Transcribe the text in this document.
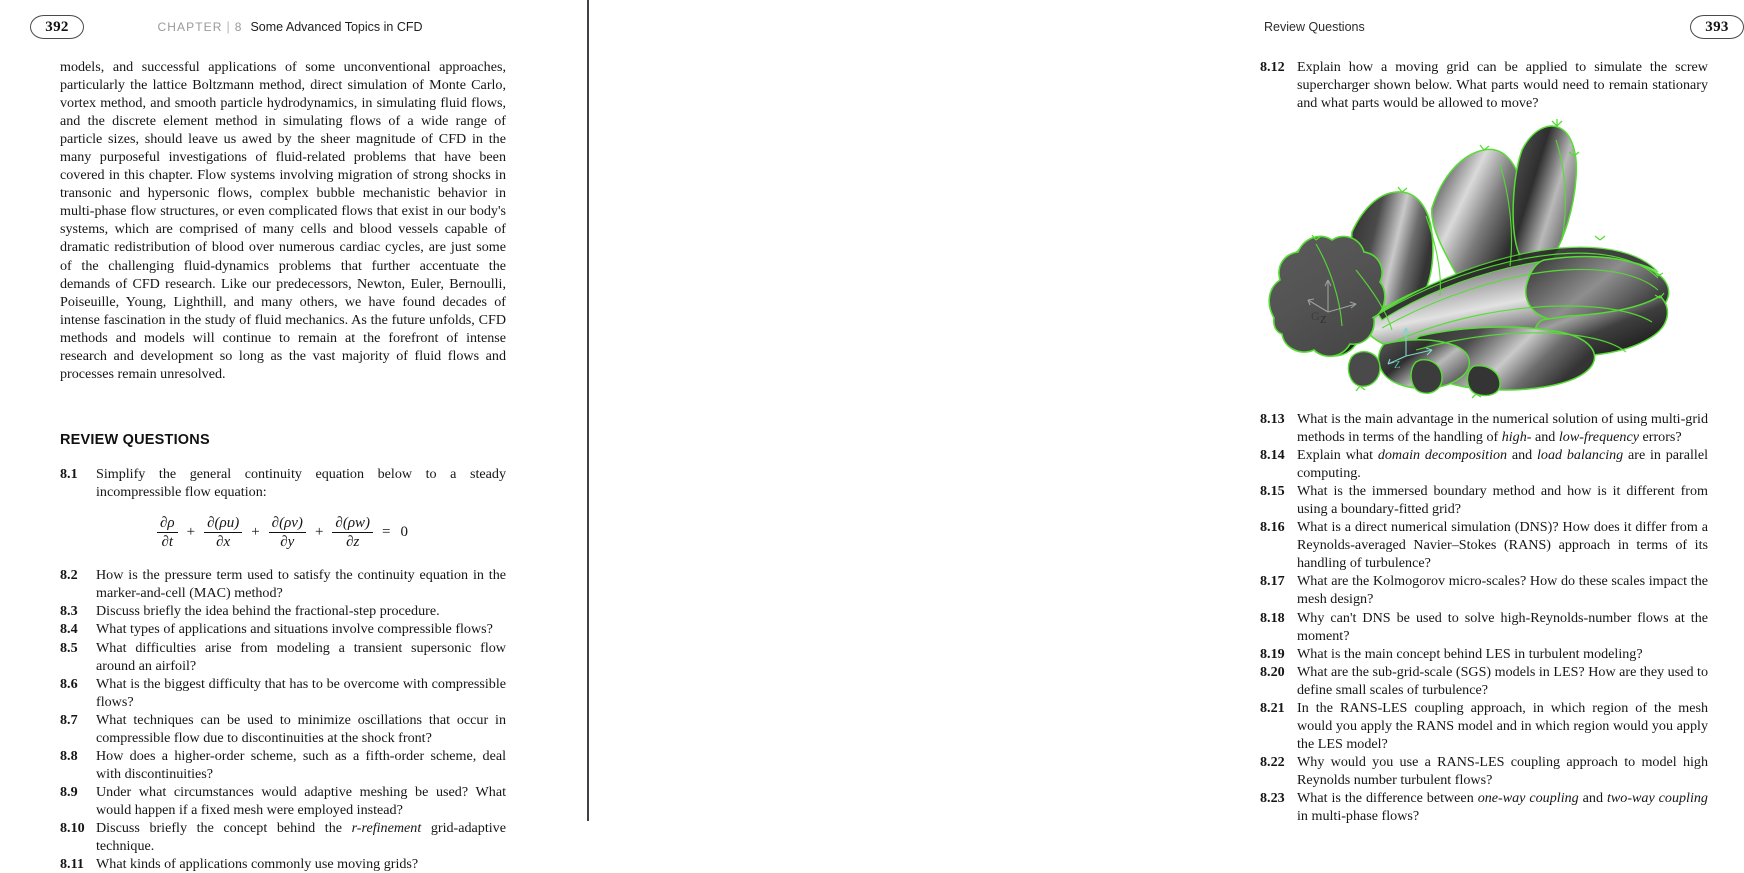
392	CHAPTER | 8 Some Advanced Topics in CFD

models, and successful applications of some unconventional approaches, particularly the lattice Boltzmann method, direct simulation of Monte Carlo, vortex method, and smooth particle hydrodynamics, in simulating fluid flows, and the discrete element method in simulating flows of a wide range of particle sizes, should leave us awed by the sheer magnitude of CFD in the many purposeful investigations of fluid-related problems that have been covered in this chapter. Flow systems involving migration of strong shocks in transonic and hypersonic flows, complex bubble mechanistic behavior in multi-phase flow structures, or even complicated flows that exist in our body's systems, which are comprised of many cells and blood vessels capable of dramatic redistribution of blood over numerous cardiac cycles, are just some of the challenging fluid-dynamics problems that further accentuate the demands of CFD research. Like our predecessors, Newton, Euler, Bernoulli, Poiseuille, Young, Lighthill, and many others, we have found decades of intense fascination in the study of fluid mechanics. As the future unfolds, CFD methods and models will continue to remain at the forefront of intense research and development so long as the vast majority of fluid flows and processes remain unresolved.

REVIEW QUESTIONS
8.1	Simplify the general continuity equation below to a steady incompressible flow equation:
$\frac{\partial\rho}{\partial t} + \frac{\partial(\rho u)}{\partial x} + \frac{\partial(\rho v)}{\partial y} + \frac{\partial(\rho w)}{\partial z} = 0$
8.2	How is the pressure term used to satisfy the continuity equation in the marker-and-cell (MAC) method?
8.3	Discuss briefly the idea behind the fractional-step procedure.
8.4	What types of applications and situations involve compressible flows?
8.5	What difficulties arise from modeling a transient supersonic flow around an airfoil?
8.6	What is the biggest difficulty that has to be overcome with compressible flows?
8.7	What techniques can be used to minimize oscillations that occur in compressible flow due to discontinuities at the shock front?
8.8	How does a higher-order scheme, such as a fifth-order scheme, deal with discontinuities?
8.9	Under what circumstances would adaptive meshing be used? What would happen if a fixed mesh were employed instead?
8.10 Discuss briefly the concept behind the r-refinement grid-adaptive technique.
8.11 What kinds of applications commonly use moving grids?
Review Questions	393
8.12 Explain how a moving grid can be applied to simulate the screw supercharger shown below. What parts would need to remain stationary and what parts would be allowed to move?
G Z
Z
8.13 What is the main advantage in the numerical solution of using multi-grid methods in terms of the handling of high- and low-frequency errors?
8.14 Explain what domain decomposition and load balancing are in parallel computing.
8.15 What is the immersed boundary method and how is it different from using a boundary-fitted grid?
8.16 What is a direct numerical simulation (DNS)? How does it differ from a Reynolds-averaged Navier–Stokes (RANS) approach in terms of its handling of turbulence?
8.17 What are the Kolmogorov micro-scales? How do these scales impact the mesh design?
8.18 Why can't DNS be used to solve high-Reynolds-number flows at the moment?
8.19 What is the main concept behind LES in turbulent modeling?
8.20 What are the sub-grid-scale (SGS) models in LES? How are they used to define small scales of turbulence?
8.21 In the RANS-LES coupling approach, in which region of the mesh would you apply the RANS model and in which region would you apply the LES model?
8.22 Why would you use a RANS-LES coupling approach to model high Reynolds number turbulent flows?
8.23 What is the difference between one-way coupling and two-way coupling in multi-phase flows?
